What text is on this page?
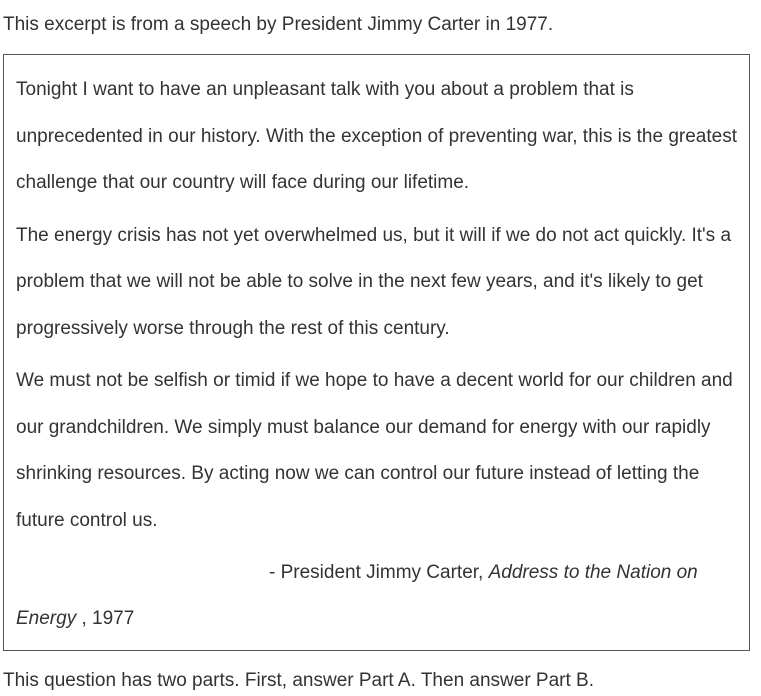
This excerpt is from a speech by President Jimmy Carter in 1977.

Tonight I want to have an unpleasant talk with you about a problem that is unprecedented in our history. With the exception of preventing war, this is the greatest challenge that our country will face during our lifetime.

The energy crisis has not yet overwhelmed us, but it will if we do not act quickly. It's a problem that we will not be able to solve in the next few years, and it's likely to get progressively worse through the rest of this century.

We must not be selfish or timid if we hope to have a decent world for our children and our grandchildren. We simply must balance our demand for energy with our rapidly shrinking resources. By acting now we can control our future instead of letting the future control us.

- President Jimmy Carter, Address to the Nation on Energy , 1977

This question has two parts. First, answer Part A. Then answer Part B.
